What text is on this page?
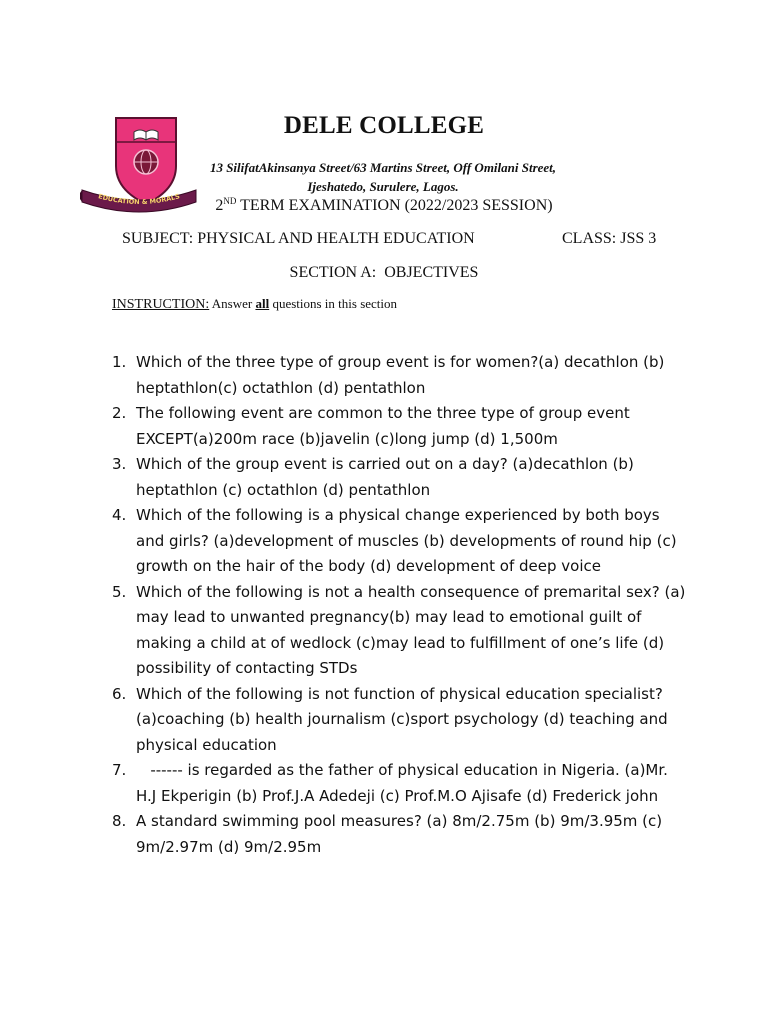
EDUCATION & MORALS
DELE COLLEGE
13 SilifatAkinsanya Street/63 Martins Street, Off Omilani Street,
Ijeshatedo, Surulere, Lagos.
2ND TERM EXAMINATION (2022/2023 SESSION)
SUBJECT: PHYSICAL AND HEALTH EDUCATION	CLASS: JSS 3
SECTION A:  OBJECTIVES
INSTRUCTION: Answer all questions in this section
1. Which of the three type of group event is for women?(a) decathlon (b) heptathlon(c) octathlon (d) pentathlon
2. The following event are common to the three type of group event EXCEPT(a)200m race (b)javelin (c)long jump (d) 1,500m
3. Which of the group event is carried out on a day? (a)decathlon (b) heptathlon (c) octathlon (d) pentathlon
4. Which of the following is a physical change experienced by both boys and girls? (a)development of muscles (b) developments of round hip (c) growth on the hair of the body (d) development of deep voice
5. Which of the following is not a health consequence of premarital sex? (a) may lead to unwanted pregnancy(b) may lead to emotional guilt of making a child at of wedlock (c)may lead to fulfillment of one’s life (d) possibility of contacting STDs
6. Which of the following is not function of physical education specialist? (a)coaching (b) health journalism (c)sport psychology (d) teaching and physical education
7. ------ is regarded as the father of physical education in Nigeria. (a)Mr. H.J Ekperigin (b) Prof.J.A Adedeji (c) Prof.M.O Ajisafe (d) Frederick john
8. A standard swimming pool measures? (a) 8m/2.75m (b) 9m/3.95m (c) 9m/2.97m (d) 9m/2.95m
